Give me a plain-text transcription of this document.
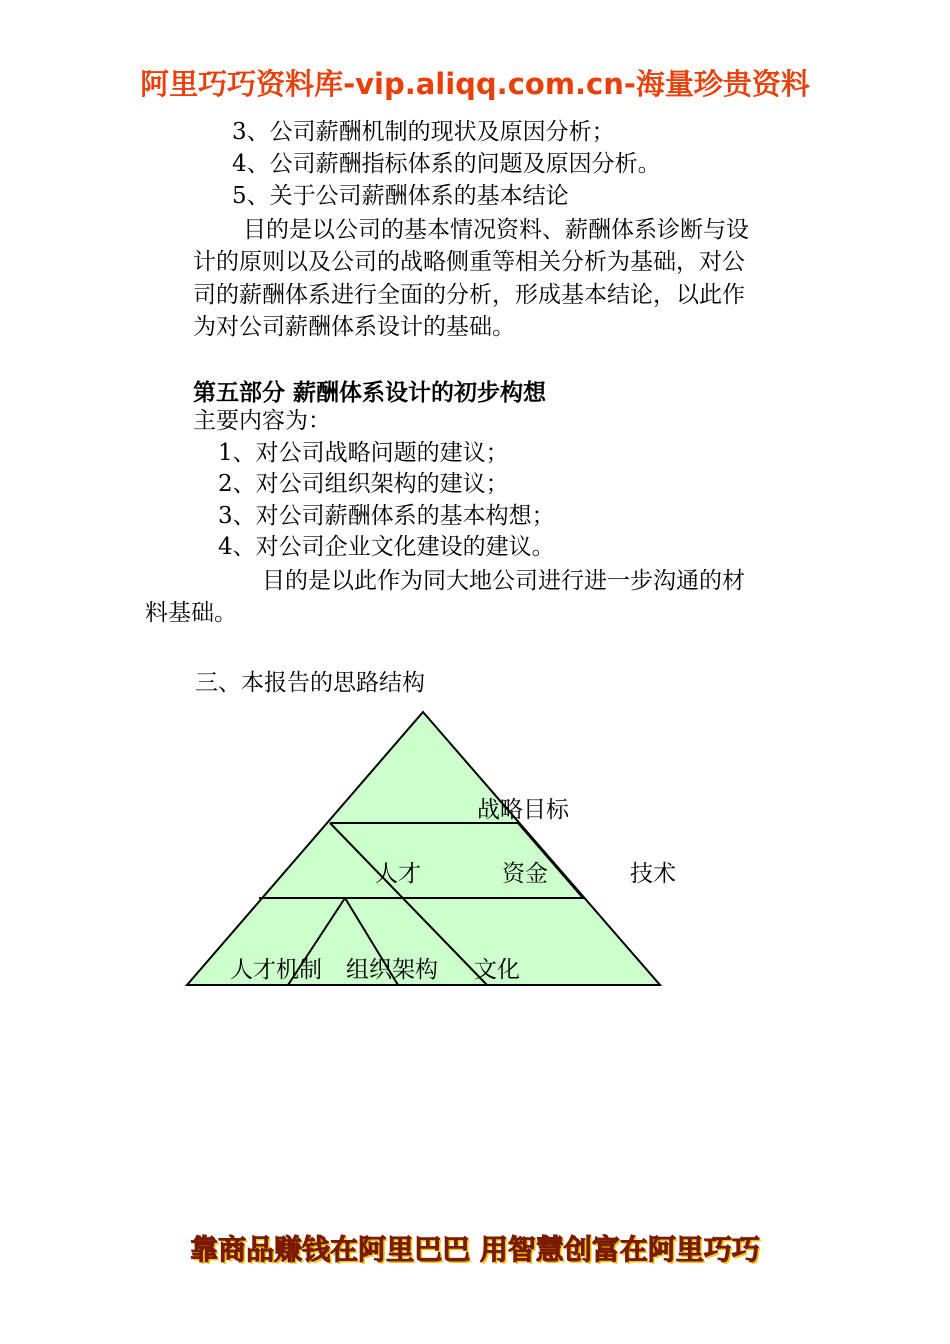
阿里巧巧资料库-vip.aliqq.com.cn-海量珍贵资料
3、公司薪酬机制的现状及原因分析；
4、公司薪酬指标体系的问题及原因分析。
5、关于公司薪酬体系的基本结论
目的是以公司的基本情况资料、薪酬体系诊断与设
计的原则以及公司的战略侧重等相关分析为基础，对公
司的薪酬体系进行全面的分析，形成基本结论，以此作
为对公司薪酬体系设计的基础。
第五部分 薪酬体系设计的初步构想
主要内容为：
1、对公司战略问题的建议；
2、对公司组织架构的建议；
3、对公司薪酬体系的基本构想；
4、对公司企业文化建设的建议。
目的是以此作为同大地公司进行进一步沟通的材
料基础。
三、本报告的思路结构
战略目标
人才	资金	技术
人才机制 组织架构 文化
靠商品赚钱在阿里巴巴 用智慧创富在阿里巧巧
